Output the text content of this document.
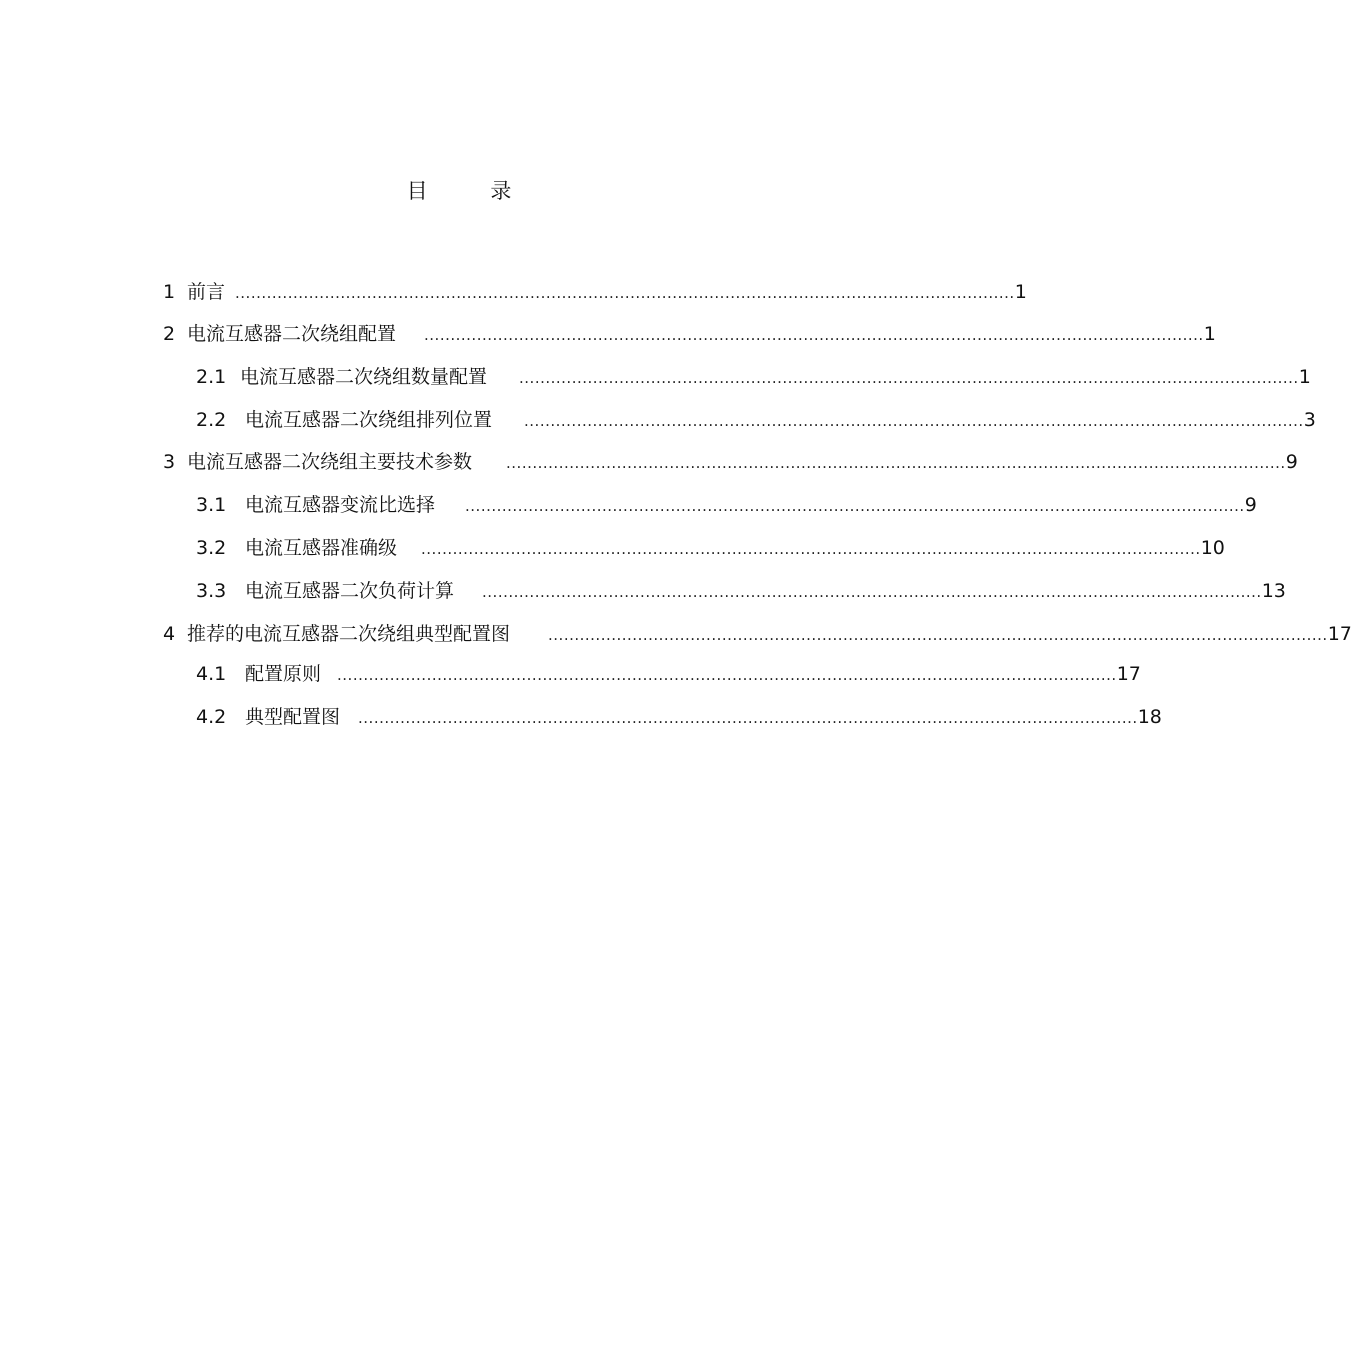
目 录
1 前言 .................................................................................................................................................... 1
2 电流互感器二次绕组配置 .................................................................................................................................................... 1
2.1 电流互感器二次绕组数量配置 .................................................................................................................................................... 1
2.2 电流互感器二次绕组排列位置 .................................................................................................................................................... 3
3 电流互感器二次绕组主要技术参数 .................................................................................................................................................... 9
3.1 电流互感器变流比选择 .................................................................................................................................................... 9
3.2 电流互感器准确级 .................................................................................................................................................... 10
3.3 电流互感器二次负荷计算 .................................................................................................................................................... 13
4 推荐的电流互感器二次绕组典型配置图	.................................................................................................................................................... 17
4.1 配置原则 .................................................................................................................................................... 17
4.2 典型配置图 .................................................................................................................................................... 18
